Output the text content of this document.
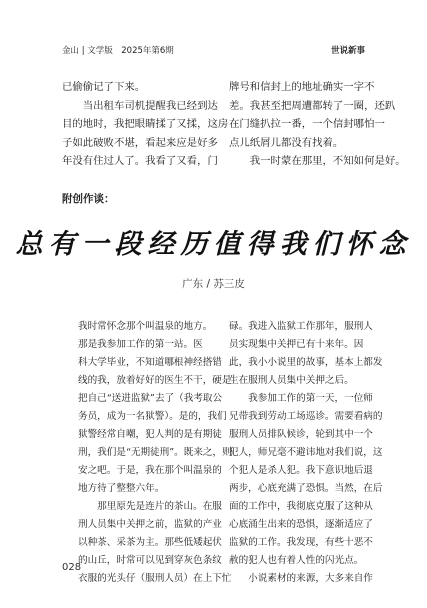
金山 | 文学版　2025年第6期	世说新事

已偷偷记了下来。

　　当出租车司机提醒我已经到达

目的地时，我把眼睛揉了又揉，这房

子如此破败不堪，看起来应是好多

年没有住过人了。我看了又看，门

牌号和信封上的地址确实一字不

差。我甚至把周遭都转了一圈，还趴

在门缝扒拉一番，一个信封哪怕一

点儿纸屑儿都没有找着。

　　我一时蒙在那里，不知如何是好。

附创作谈：
总有一段经历值得我们怀念
广东 / 苏三皮

我时常怀念那个叫温泉的地方。

那是我参加工作的第一站。医

科大学毕业，不知道哪根神经搭错

线的我，放着好好的医生不干，硬是

把自己“送进监狱”去了（我考取公

务员，成为一名狱警）。是的，我们

狱警经常自嘲，犯人判的是有期徒

刑，我们是“无期徒刑”。既来之，则

安之吧。于是，我在那个叫温泉的

地方待了整整六年。

　　那里原先是连片的茶山。在服

刑人员集中关押之前，监狱的产业

以种茶、采茶为主。那些低矮起伏

的山丘，时常可以见到穿灰色条纹

衣服的光头仔（服刑人员）在上下忙

碌。我进入监狱工作那年，服刑人

员实现集中关押已有十来年。因

此，我小小说里的故事，基本上都发

生在服刑人员集中关押之后。

　　我参加工作的第一天，一位师

兄带我到劳动工场巡诊。需要看病的

服刑人员排队候诊，轮到其中一个

犯人，师兄毫不避讳地对我们说，这

个犯人是杀人犯。我下意识地后退

两步，心底充满了恐惧。当然，在后

面的工作中，我彻底克服了这种从

心底涌生出来的恐惧，逐渐适应了

监狱的工作。我发现，有些十恶不

赦的犯人也有着人性的闪光点。

　　小说素材的来源，大多来自作

028
